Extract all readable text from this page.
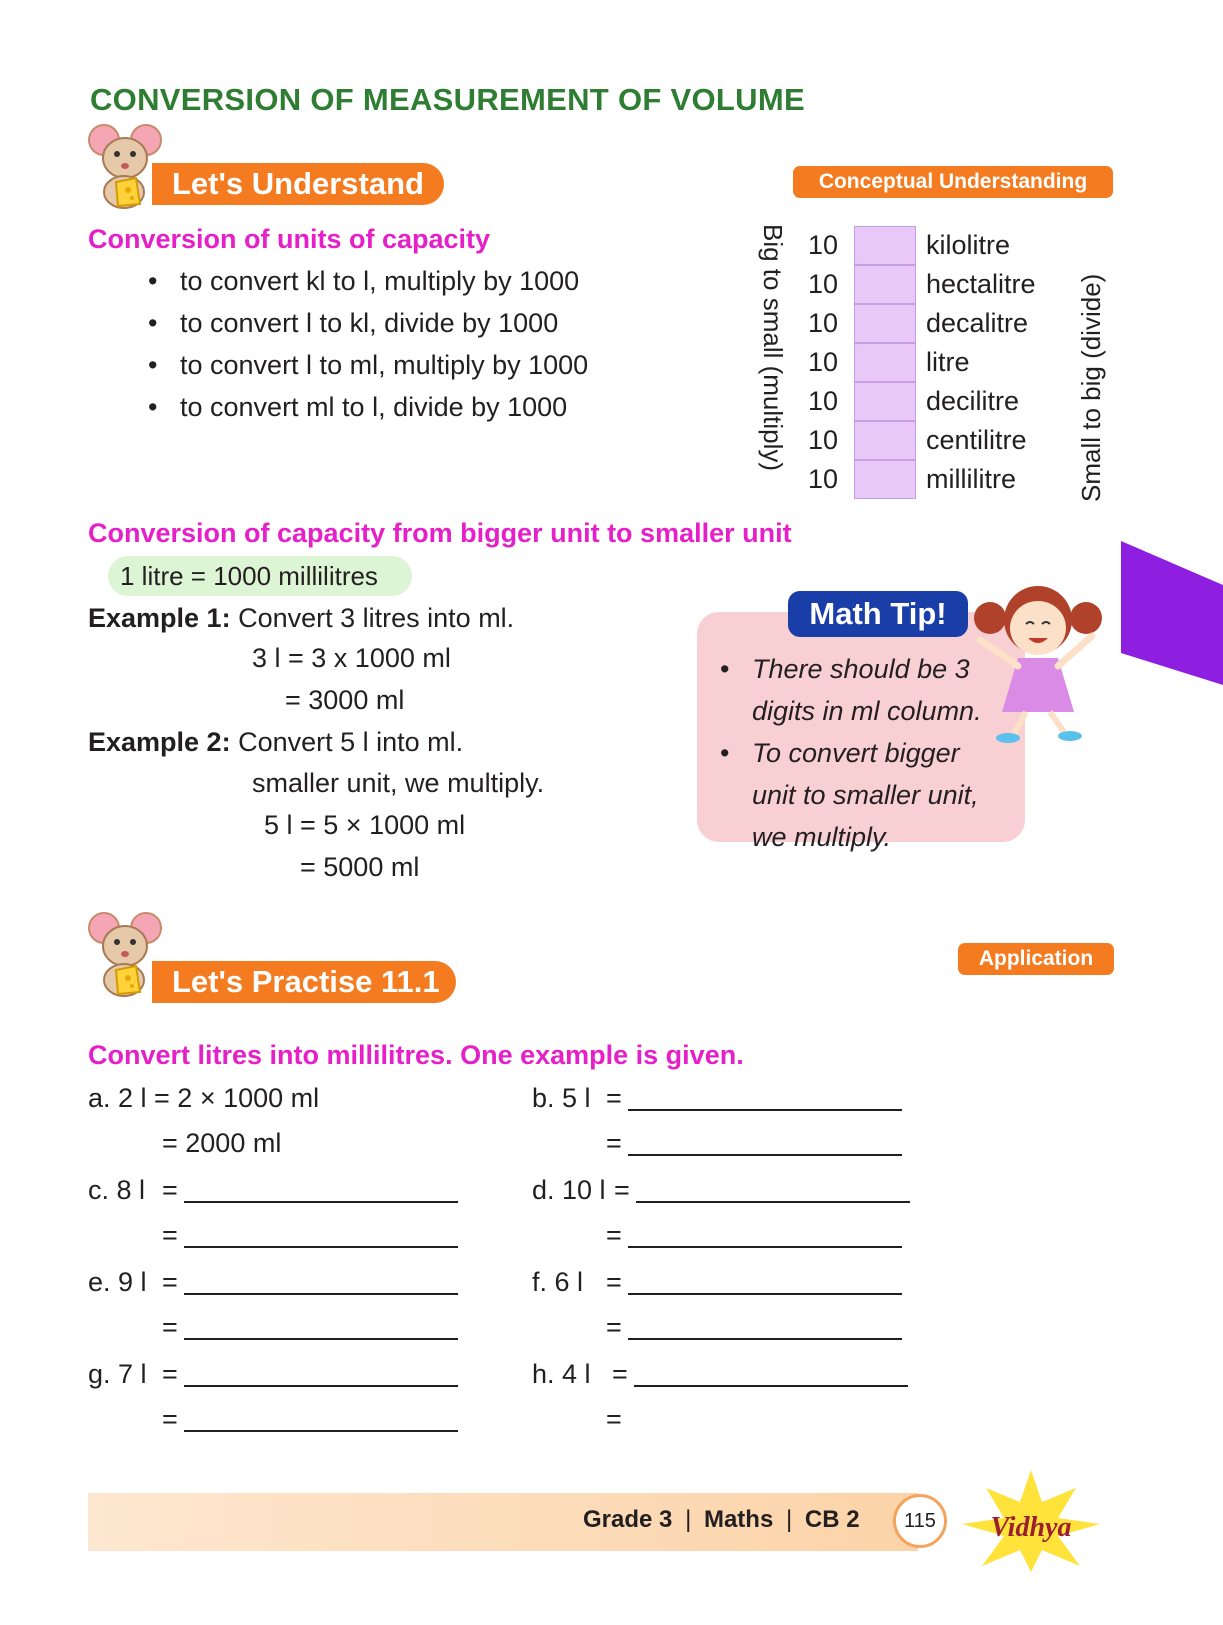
CONVERSION OF MEASUREMENT OF VOLUME
Let's Understand	Conceptual Understanding
Conversion of units of capacity
• to convert kl to l, multiply by 1000
• to convert l to kl, divide by 1000
• to convert l to ml, multiply by 1000
• to convert ml to l, divide by 1000	Big to small (multiply) 10	kilolitre
10	hectalitre
10	decalitre
10	litre
10	decilitre
10	centilitre
10	millilitre Small to big (divide)
Conversion of capacity from bigger unit to smaller unit
1 litre = 1000 millilitres
Example 1: Convert 3 litres into ml.
3 l = 3 x 1000 ml
= 3000 ml
Example 2: Convert 5 l into ml.
smaller unit, we multiply.
5 l = 5 × 1000 ml
= 5000 ml
Math Tip!
• There should be 3 digits in ml column.
• To convert bigger unit to smaller unit, we multiply.
Let's Practise 11.1
Application
Convert litres into millilitres. One example is given.
a. 2 l = 2 × 1000 ml
= 2000 ml
b. 5 l =
=
c. 8 l =
=
d. 10 l =
=
e. 9 l =
=
f. 6 l =
=
g. 7 l =
=
h. 4 l =
=
Grade 3 | Maths | CB 2	115	Vidhya
